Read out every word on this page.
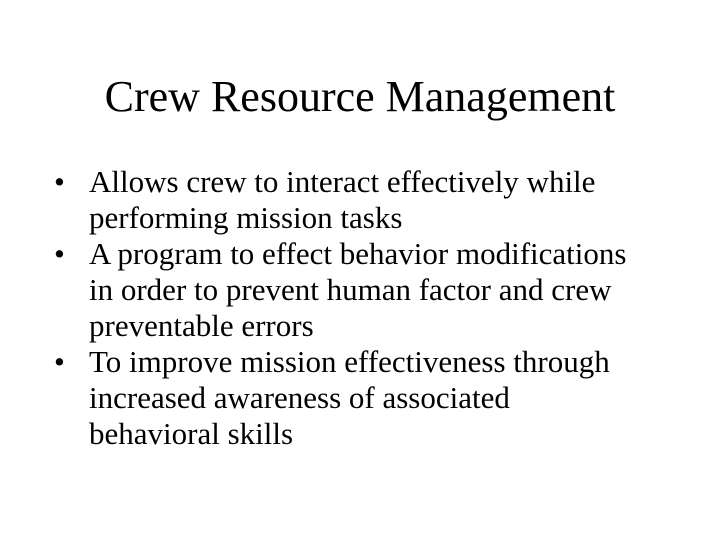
Crew Resource Management
• Allows crew to interact effectively while
performing mission tasks
• A program to effect behavior modifications
in order to prevent human factor and crew
preventable errors
• To improve mission effectiveness through
increased awareness of associated
behavioral skills
